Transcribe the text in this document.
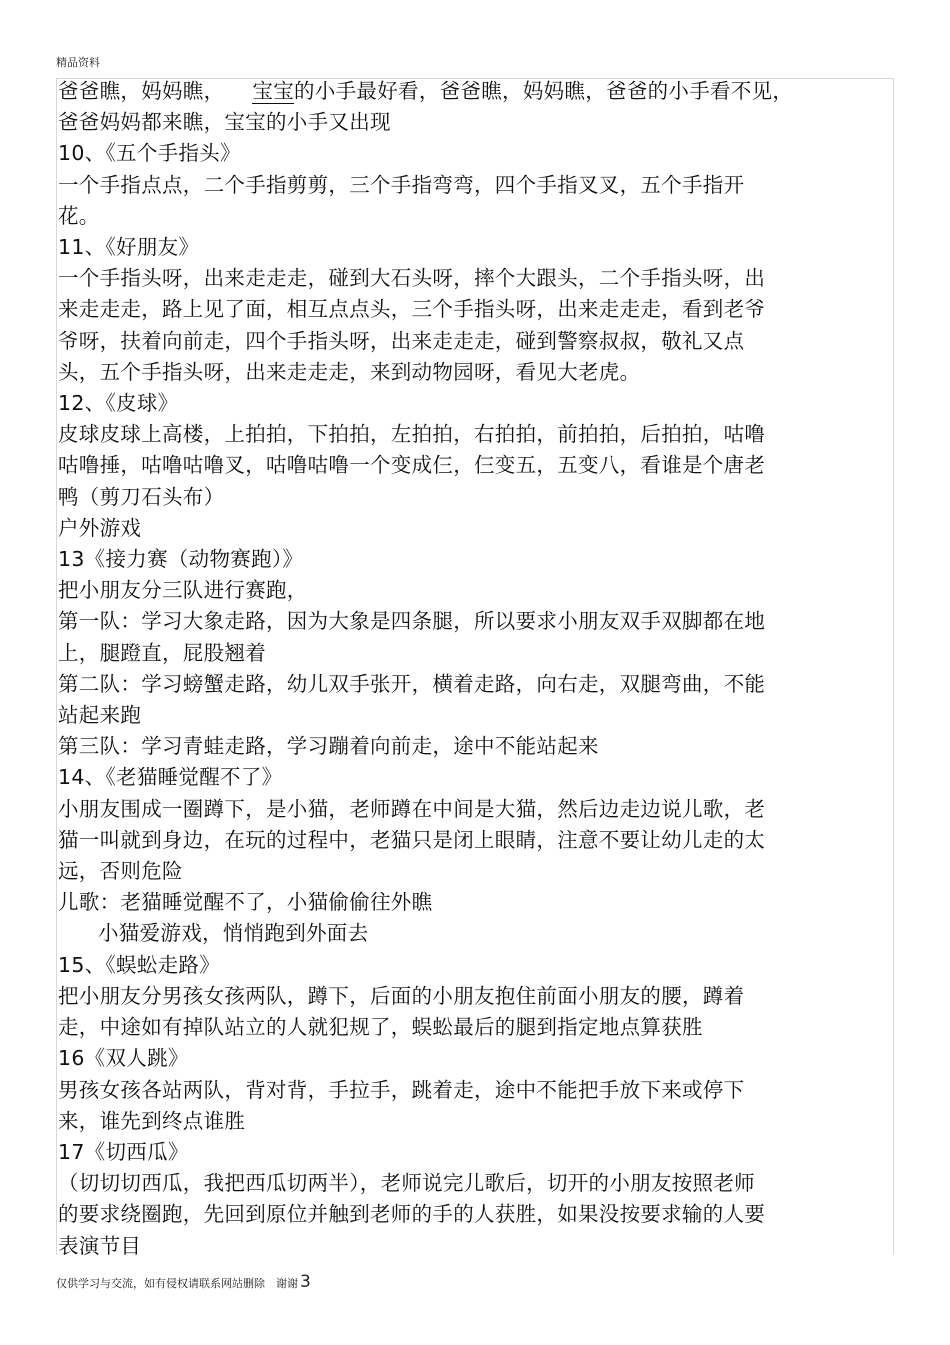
精品资料

爸爸瞧，妈妈瞧， 宝宝的小手最好看，爸爸瞧，妈妈瞧，爸爸的小手看不见，

爸爸妈妈都来瞧，宝宝的小手又出现

10、《五个手指头》

一个手指点点，二个手指剪剪，三个手指弯弯，四个手指叉叉，五个手指开

花。

11、《好朋友》

一个手指头呀，出来走走走，碰到大石头呀，摔个大跟头，二个手指头呀，出

来走走走，路上见了面，相互点点头，三个手指头呀，出来走走走，看到老爷

爷呀，扶着向前走，四个手指头呀，出来走走走，碰到警察叔叔，敬礼又点

头，五个手指头呀，出来走走走，来到动物园呀，看见大老虎。

12、《皮球》

皮球皮球上高楼，上拍拍，下拍拍，左拍拍，右拍拍，前拍拍，后拍拍，咕噜

咕噜捶，咕噜咕噜叉，咕噜咕噜一个变成仨，仨变五，五变八，看谁是个唐老

鸭（剪刀石头布）

户外游戏

13《接力赛（动物赛跑）》

把小朋友分三队进行赛跑，

第一队：学习大象走路，因为大象是四条腿，所以要求小朋友双手双脚都在地

上，腿蹬直，屁股翘着

第二队：学习螃蟹走路，幼儿双手张开，横着走路，向右走，双腿弯曲，不能

站起来跑

第三队：学习青蛙走路，学习蹦着向前走，途中不能站起来

14、《老猫睡觉醒不了》

小朋友围成一圈蹲下，是小猫，老师蹲在中间是大猫，然后边走边说儿歌，老

猫一叫就到身边，在玩的过程中，老猫只是闭上眼睛，注意不要让幼儿走的太

远，否则危险

儿歌：老猫睡觉醒不了，小猫偷偷往外瞧

小猫爱游戏，悄悄跑到外面去

15、《蜈蚣走路》

把小朋友分男孩女孩两队，蹲下，后面的小朋友抱住前面小朋友的腰，蹲着

走，中途如有掉队站立的人就犯规了，蜈蚣最后的腿到指定地点算获胜

16《双人跳》

男孩女孩各站两队，背对背，手拉手，跳着走，途中不能把手放下来或停下

来，谁先到终点谁胜

17《切西瓜》

（切切切西瓜，我把西瓜切两半），老师说完儿歌后，切开的小朋友按照老师

的要求绕圈跑，先回到原位并触到老师的手的人获胜，如果没按要求输的人要

表演节目

仅供学习与交流，如有侵权请联系网站删除　谢谢 3
